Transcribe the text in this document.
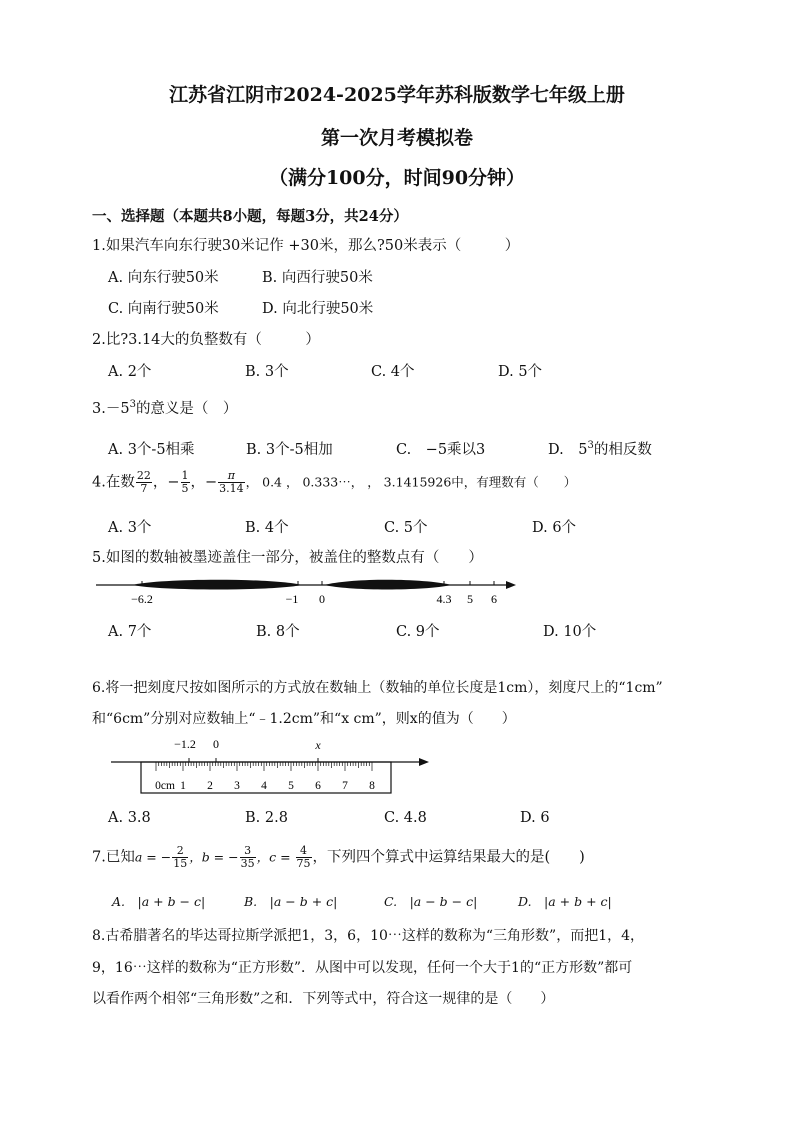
江苏省江阴市2024-2025学年苏科版数学七年级上册
第一次月考模拟卷
（满分100分，时间90分钟）
一、选择题（本题共8小题，每题3分，共24分）
1.如果汽车向东行驶30米记作 +30米，那么?50米表示（　　　）
A. 向东行驶50米	B. 向西行驶50米
C. 向南行驶50米	D. 向北行驶50米
2.比?3.14大的负整数有（　　　）
A. 2个	B. 3个	C. 4个	D. 5个
$3.-5^3$的意义是（　）
A. 3个-5相乘	B. 3个-5相加	C.　−5乘以3	D.　$5^3$的相反数
4.在数 $\frac{22}{7}$ ，− $\frac{1}{5}$ ，− $\frac{\pi}{3.14}$ ， 0.4 ， 0.333⋯， ， 3.1415926中，有理数有（　　）
A. 3个	B. 4个	C. 5个	D. 6个
5.如图的数轴被墨迹盖住一部分，被盖住的整数点有（　　）
−6.2	−1 0	4.3 5 6
A. 7个	B. 8个	C. 9个	D. 10个
6.将一把刻度尺按如图所示的方式放在数轴上（数轴的单位长度是1cm），刻度尺上的“1cm”
和“6cm”分别对应数轴上“﹣1.2cm”和“x cm”，则x的值为（　　）
−1.2 0	x
0cm 1 2 3 4 5 6 7 8
A. 3.8	B. 2.8	C. 4.8	D. 6
7.已知a = − $\frac{2}{15}$ ，b = − $\frac{3}{35}$ ，$c = \frac{4}{75}$ ，下列四个算式中运算结果最大的是(　　)
A.　|a + b − c|	B.　|a − b + c|	C.　|a − b − c|	D.　|a + b + c|
8.古希腊著名的毕达哥拉斯学派把1，3，6，10⋯这样的数称为“三角形数”，而把1，4，
9，16⋯这样的数称为“正方形数”．从图中可以发现，任何一个大于1的“正方形数”都可
以看作两个相邻“三角形数”之和．下列等式中，符合这一规律的是（　　）
